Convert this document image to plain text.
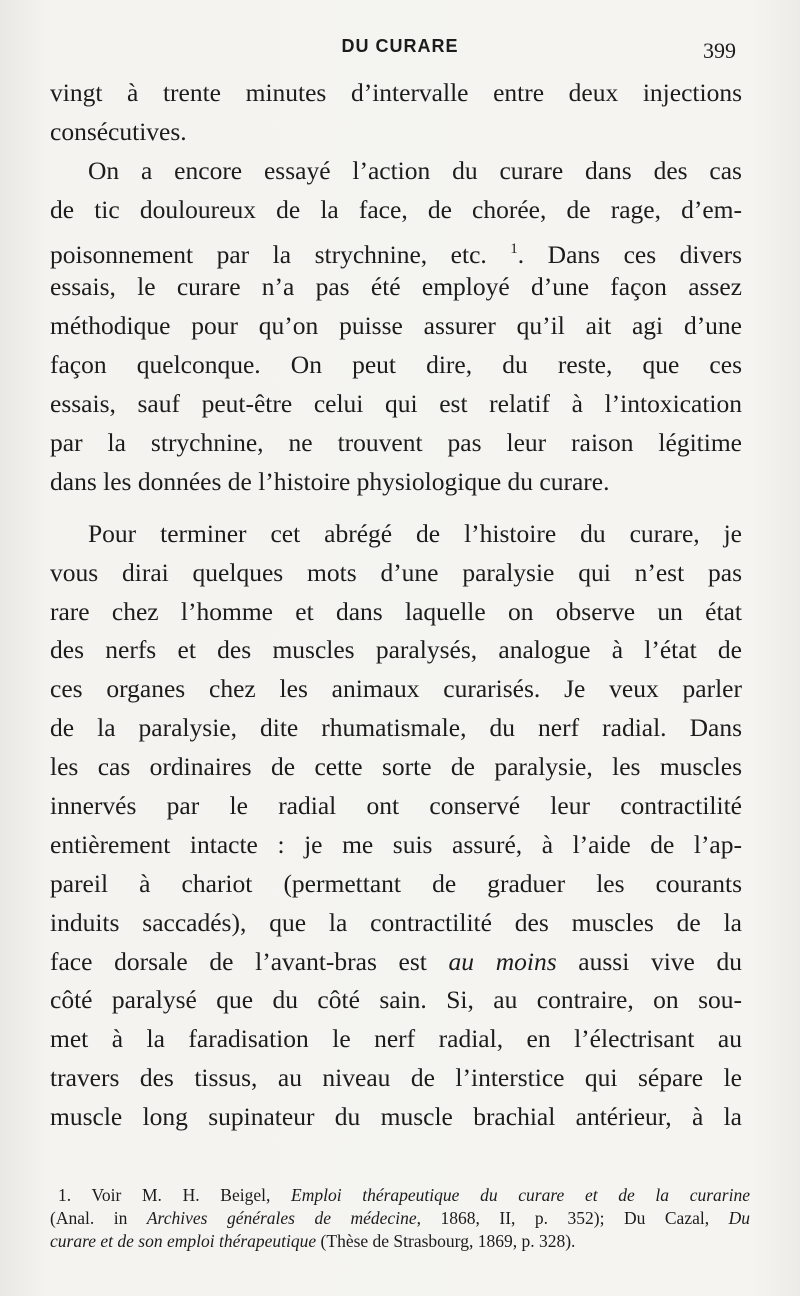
DU CURARE	399
vingt à trente minutes d’intervalle entre deux injections
consécutives.
On a encore essayé l’action du curare dans des cas
de tic douloureux de la face, de chorée, de rage, d’em-
poisonnement par la strychnine, etc. $^1$. Dans ces divers
essais, le curare n’a pas été employé d’une façon assez
méthodique pour qu’on puisse assurer qu’il ait agi d’une
façon quelconque. On peut dire, du reste, que ces
essais, sauf peut-être celui qui est relatif à l’intoxication
par la strychnine, ne trouvent pas leur raison légitime
dans les données de l’histoire physiologique du curare.
Pour terminer cet abrégé de l’histoire du curare, je
vous dirai quelques mots d’une paralysie qui n’est pas
rare chez l’homme et dans laquelle on observe un état
des nerfs et des muscles paralysés, analogue à l’état de
ces organes chez les animaux curarisés. Je veux parler
de la paralysie, dite rhumatismale, du nerf radial. Dans
les cas ordinaires de cette sorte de paralysie, les muscles
innervés par le radial ont conservé leur contractilité
entièrement intacte : je me suis assuré, à l’aide de l’ap-
pareil à chariot (permettant de graduer les courants
induits saccadés), que la contractilité des muscles de la
face dorsale de l’avant-bras est au moins aussi vive du
côté paralysé que du côté sain. Si, au contraire, on sou-
met à la faradisation le nerf radial, en l’électrisant au
travers des tissus, au niveau de l’interstice qui sépare le
muscle long supinateur du muscle brachial antérieur, à la
1. Voir M. H. Beigel, Emploi thérapeutique du curare et de la curarine
(Anal. in Archives générales de médecine, 1868, II, p. 352); Du Cazal, Du
curare et de son emploi thérapeutique (Thèse de Strasbourg, 1869, p. 328).
